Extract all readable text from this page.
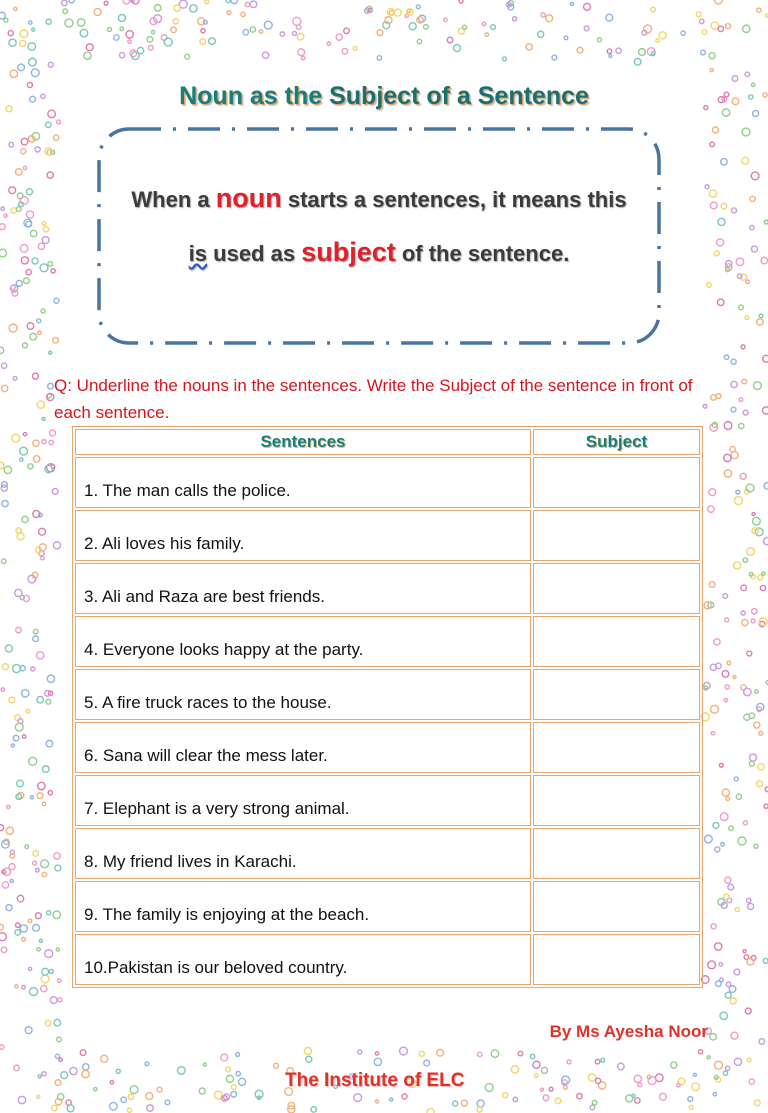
Noun as the Subject of a Sentence
When a noun starts a sentences, it means this
is used as subject of the sentence.
Q: Underline the nouns in the sentences. Write the Subject of the sentence in front of each sentence.
Sentences	Subject
1. The man calls the police.	
2. Ali loves his family.	
3. Ali and Raza are best friends.	
4. Everyone looks happy at the party.	
5. A fire truck races to the house.	
6. Sana will clear the mess later.	
7. Elephant is a very strong animal.	
8. My friend lives in Karachi.	
9. The family is enjoying at the beach.	
10.Pakistan is our beloved country.	
By Ms Ayesha Noor
The Institute of ELC
